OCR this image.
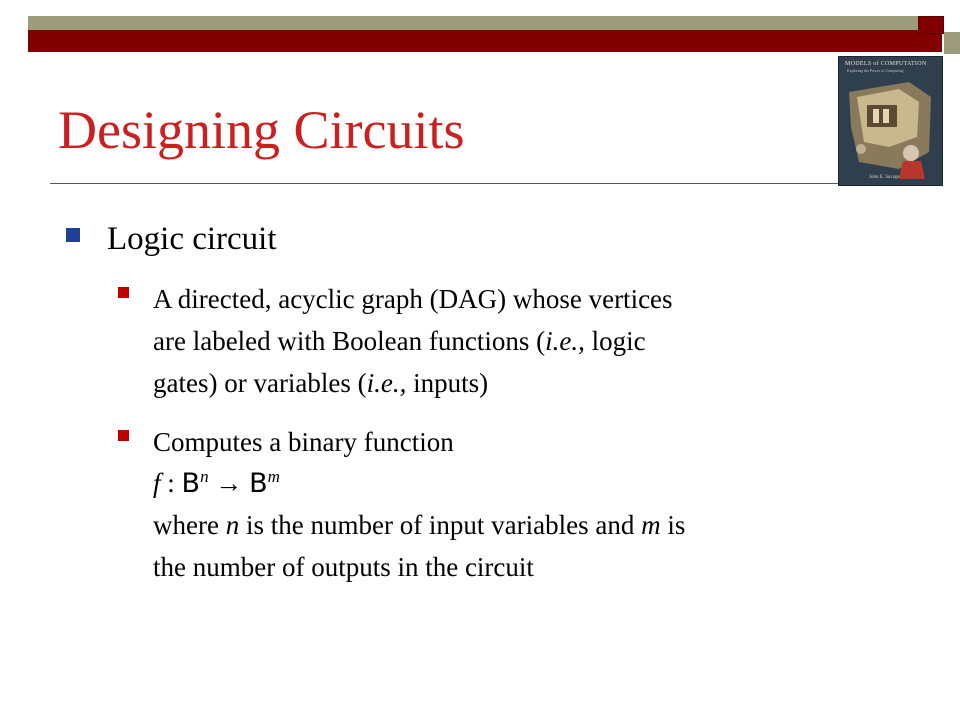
Designing Circuits
MODELS of COMPUTATION
Exploring the Power of Computing
John E. Savage
Logic circuit
A directed, acyclic graph (DAG) whose vertices
are labeled with Boolean functions (i.e., logic
gates) or variables (i.e., inputs)
Computes a binary function
f : $B^n \to B^m$
where n is the number of input variables and m is
the number of outputs in the circuit
